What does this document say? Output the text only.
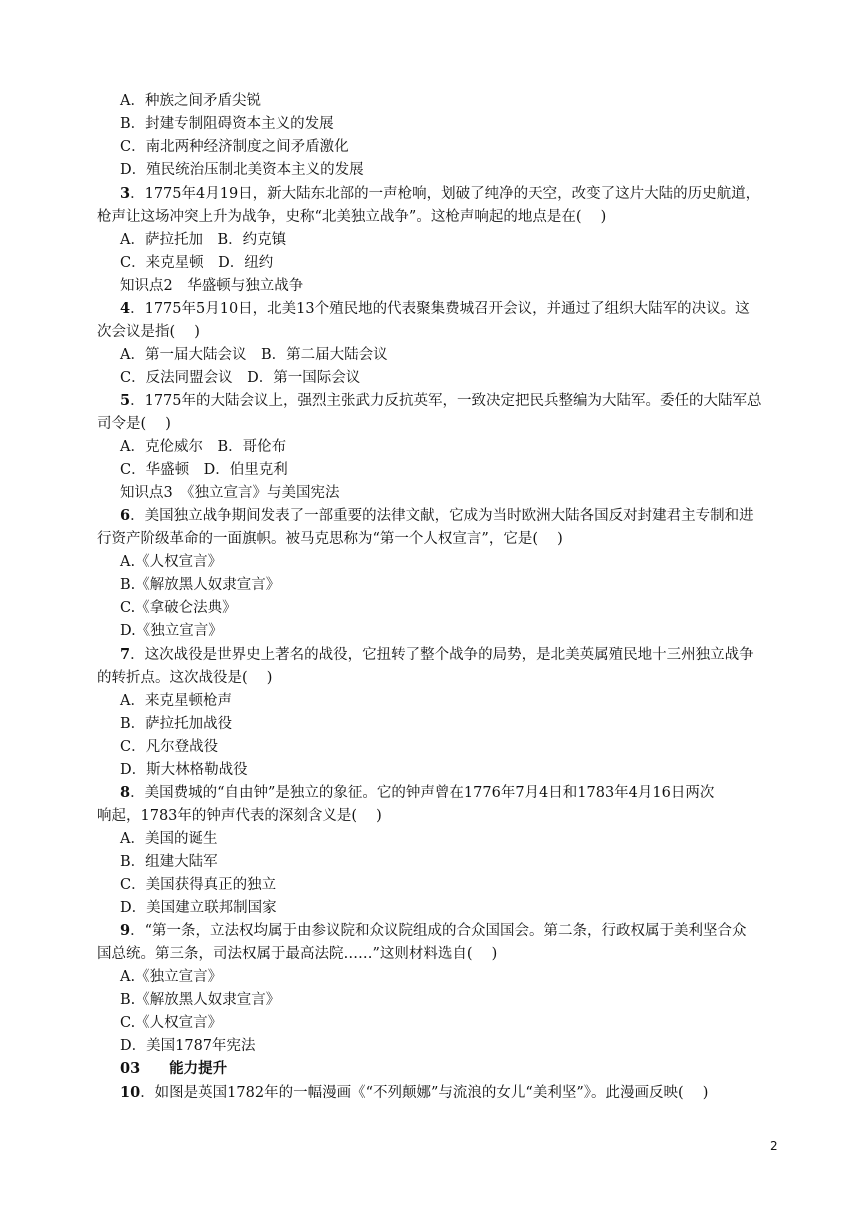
A．种族之间矛盾尖锐
B．封建专制阻碍资本主义的发展
C．南北两种经济制度之间矛盾激化
D．殖民统治压制北美资本主义的发展
3．1775年4月19日，新大陆东北部的一声枪响，划破了纯净的天空，改变了这片大陆的历史航道，
枪声让这场冲突上升为战争，史称“北美独立战争”。这枪声响起的地点是在(　 )
A．萨拉托加　B．约克镇
C．来克星顿　D．纽约
知识点2　华盛顿与独立战争
4．1775年5月10日，北美13个殖民地的代表聚集费城召开会议，并通过了组织大陆军的决议。这
次会议是指(　 )
A．第一届大陆会议　B．第二届大陆会议
C．反法同盟会议　D．第一国际会议
5．1775年的大陆会议上，强烈主张武力反抗英军，一致决定把民兵整编为大陆军。委任的大陆军总
司令是(　 )
A．克伦威尔　B．哥伦布
C．华盛顿　D．伯里克利
知识点3　《独立宣言》与美国宪法
6．美国独立战争期间发表了一部重要的法律文献，它成为当时欧洲大陆各国反对封建君主专制和进
行资产阶级革命的一面旗帜。被马克思称为“第一个人权宣言”，它是(　 )
A.《人权宣言》
B.《解放黑人奴隶宣言》
C.《拿破仑法典》
D.《独立宣言》
7．这次战役是世界史上著名的战役，它扭转了整个战争的局势，是北美英属殖民地十三州独立战争
的转折点。这次战役是(　 )
A．来克星顿枪声
B．萨拉托加战役
C．凡尔登战役
D．斯大林格勒战役
8．美国费城的“自由钟”是独立的象征。它的钟声曾在1776年7月4日和1783年4月16日两次
响起，1783年的钟声代表的深刻含义是(　 )
A．美国的诞生
B．组建大陆军
C．美国获得真正的独立
D．美国建立联邦制国家
9．“第一条，立法权均属于由参议院和众议院组成的合众国国会。第二条，行政权属于美利坚合众
国总统。第三条，司法权属于最高法院……”这则材料选自(　 )
A.《独立宣言》
B.《解放黑人奴隶宣言》
C.《人权宣言》
D．美国1787年宪法
03　　能力提升
10．如图是英国1782年的一幅漫画《“不列颠娜”与流浪的女儿“美利坚”》。此漫画反映(　 )
2
